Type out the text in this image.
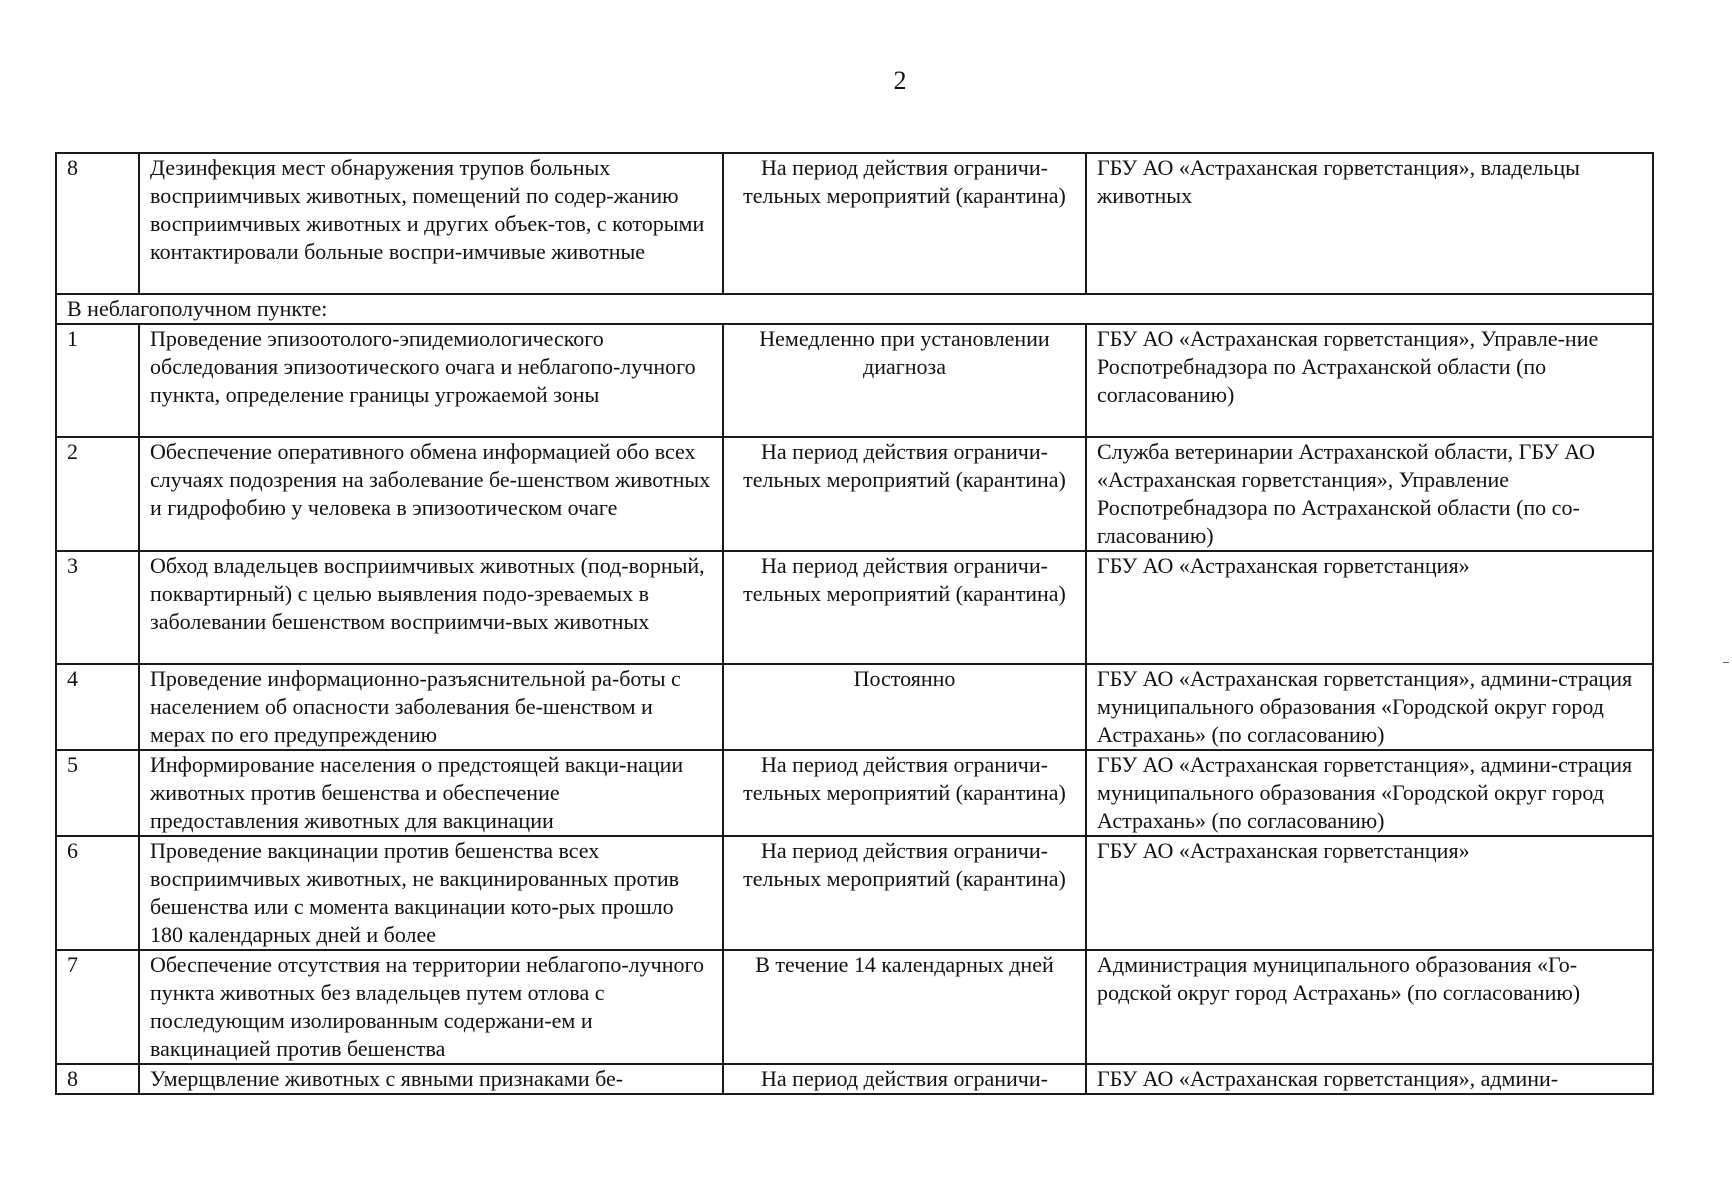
2
8	Дезинфекция мест обнаружения трупов больных восприимчивых животных, помещений по содер-жанию восприимчивых животных и других объек-тов, с которыми контактировали больные воспри-имчивые животные	На период действия ограничи-тельных мероприятий (карантина)	ГБУ АО «Астраханская горветстанция», владельцы животных
В неблагополучном пункте:			
1	Проведение эпизоотолого-эпидемиологического обследования эпизоотического очага и неблагопо-лучного пункта, определение границы угрожаемой зоны	Немедленно при установлении диагноза	ГБУ АО «Астраханская горветстанция», Управле-ние Роспотребнадзора по Астраханской области (по согласованию)
2	Обеспечение оперативного обмена информацией обо всех случаях подозрения на заболевание бе-шенством животных и гидрофобию у человека в эпизоотическом очаге	На период действия ограничи-тельных мероприятий (карантина)	Служба ветеринарии Астраханской области, ГБУ АО «Астраханская горветстанция», Управление Роспотребнадзора по Астраханской области (по со-гласованию)
3	Обход владельцев восприимчивых животных (под-ворный, поквартирный) с целью выявления подо-зреваемых в заболевании бешенством восприимчи-вых животных	На период действия ограничи-тельных мероприятий (карантина)	ГБУ АО «Астраханская горветстанция»
4	Проведение информационно-разъяснительной ра-боты с населением об опасности заболевания бе-шенством и мерах по его предупреждению	Постоянно	ГБУ АО «Астраханская горветстанция», админи-страция муниципального образования «Городской округ город Астрахань» (по согласованию)
5	Информирование населения о предстоящей вакци-нации животных против бешенства и обеспечение предоставления животных для вакцинации	На период действия ограничи-тельных мероприятий (карантина)	ГБУ АО «Астраханская горветстанция», админи-страция муниципального образования «Городской округ город Астрахань» (по согласованию)
6	Проведение вакцинации против бешенства всех восприимчивых животных, не вакцинированных против бешенства или с момента вакцинации кото-рых прошло 180 календарных дней и более	На период действия ограничи-тельных мероприятий (карантина)	ГБУ АО «Астраханская горветстанция»
7	Обеспечение отсутствия на территории неблагопо-лучного пункта животных без владельцев путем отлова с последующим изолированным содержани-ем и вакцинацией против бешенства	В течение 14 календарных дней	Администрация муниципального образования «Го-родской округ город Астрахань» (по согласованию)
8	Умерщвление животных с явными признаками бе-	На период действия ограничи-	ГБУ АО «Астраханская горветстанция», админи-
